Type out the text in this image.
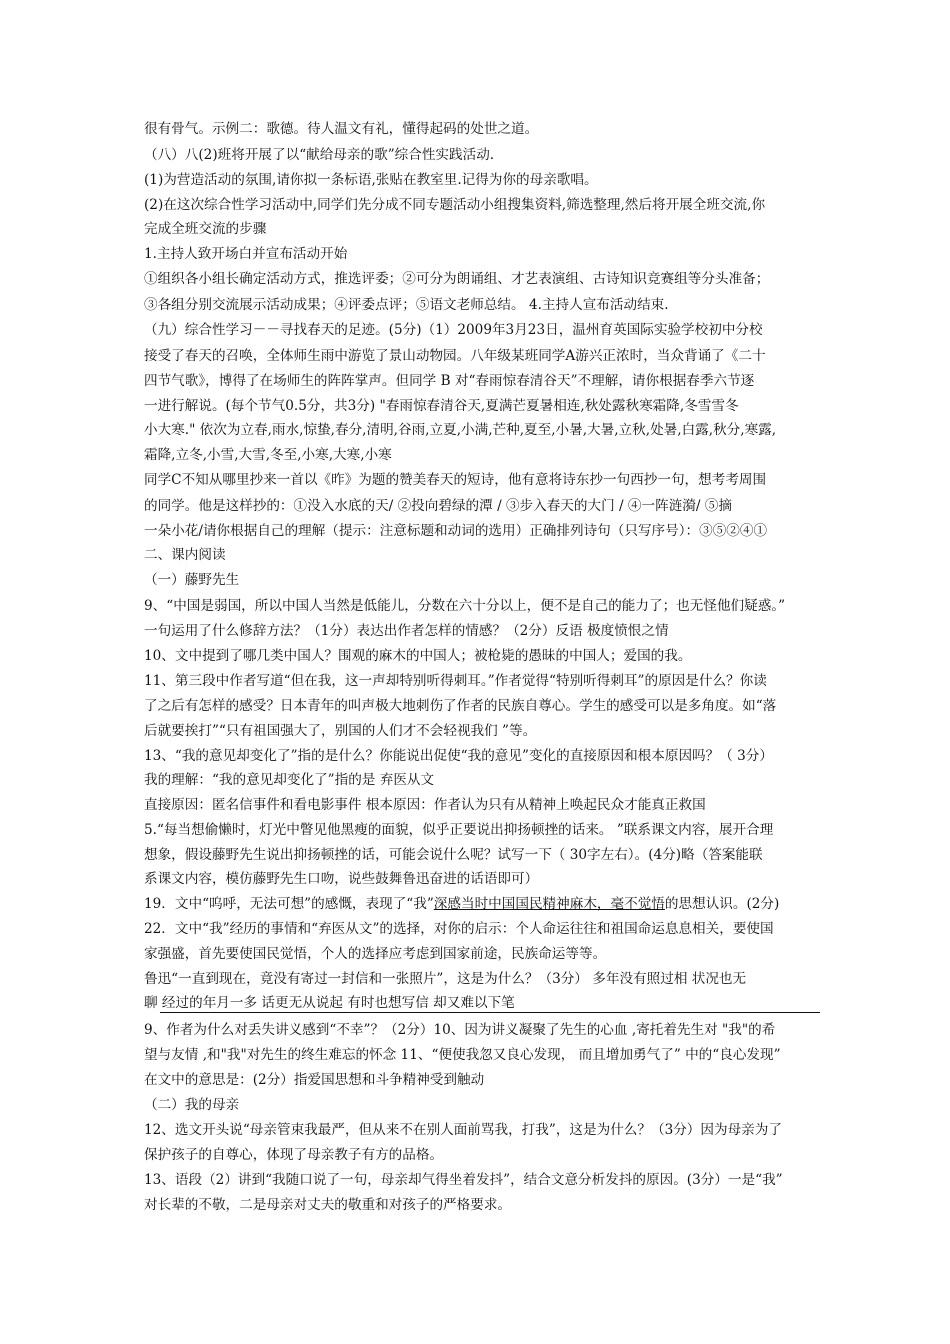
很有骨气。示例二：歌德。待人温文有礼，懂得起码的处世之道。
（八）八(2)班将开展了以“献给母亲的歌”综合性实践活动.
(1)为营造活动的氛围,请你拟一条标语,张贴在教室里.记得为你的母亲歌唱。
(2)在这次综合性学习活动中,同学们先分成不同专题活动小组搜集资料,筛选整理,然后将开展全班交流,你
完成全班交流的步骤
1.主持人致开场白并宣布活动开始
①组织各小组长确定活动方式，推选评委；②可分为朗诵组、才艺表演组、古诗知识竞赛组等分头准备；
③各组分别交流展示活动成果；④评委点评；⑤语文老师总结。 4.主持人宣布活动结束.
（九）综合性学习－－寻找春天的足迹。(5分)（1）2009年3月23日，温州育英国际实验学校初中分校
接受了春天的召唤，全体师生雨中游览了景山动物园。八年级某班同学A游兴正浓时，当众背诵了《二十
四节气歌》，博得了在场师生的阵阵掌声。但同学 B 对“春雨惊春清谷天”不理解，请你根据春季六节逐
一进行解说。(每个节气0.5分，共3分) "春雨惊春清谷天,夏满芒夏暑相连,秋处露秋寒霜降,冬雪雪冬
小大寒." 依次为立春,雨水,惊蛰,春分,清明,谷雨,立夏,小满,芒种,夏至,小暑,大暑,立秋,处暑,白露,秋分,寒露,
霜降,立冬,小雪,大雪,冬至,小寒,大寒,小寒
同学C不知从哪里抄来一首以《昨》为题的赞美春天的短诗，他有意将诗东抄一句西抄一句，想考考周围
的同学。他是这样抄的：①没入水底的天/ ②投向碧绿的潭 / ③步入春天的大门 / ④一阵涟漪/ ⑤摘
一朵小花/请你根据自己的理解（提示：注意标题和动词的选用）正确排列诗句（只写序号）：③⑤②④①
二、课内阅读
（一）藤野先生
9、“中国是弱国，所以中国人当然是低能儿，分数在六十分以上，便不是自己的能力了；也无怪他们疑惑。”
一句运用了什么修辞方法？（1分）表达出作者怎样的情感？（2分）反语 极度愤恨之情
10、文中提到了哪几类中国人？围观的麻木的中国人；被枪毙的愚昧的中国人；爱国的我。
11、第三段中作者写道“但在我，这一声却特别听得刺耳。”作者觉得“特别听得刺耳”的原因是什么？你读
了之后有怎样的感受？日本青年的叫声极大地刺伤了作者的民族自尊心。学生的感受可以是多角度。如“落
后就要挨打”“只有祖国强大了，别国的人们才不会轻视我们 ”等。
13、“我的意见却变化了”指的是什么？你能说出促使“我的意见”变化的直接原因和根本原因吗？（ 3分）
我的理解：“我的意见却变化了”指的是 弃医从文
直接原因：匿名信事件和看电影事件 根本原因：作者认为只有从精神上唤起民众才能真正救国
5.“每当想偷懒时，灯光中瞥见他黑瘦的面貌，似乎正要说出抑扬顿挫的话来。 ”联系课文内容，展开合理
想象，假设藤野先生说出抑扬顿挫的话，可能会说什么呢？试写一下（ 30字左右）。(4分)略（答案能联
系课文内容，模仿藤野先生口吻，说些鼓舞鲁迅奋进的话语即可）
19．文中“呜呼，无法可想”的感慨，表现了“我”深感当时中国国民精神麻木，毫不觉悟的思想认识。(2分)
22．文中“我”经历的事情和“弃医从文”的选择，对你的启示：个人命运往往和祖国命运息息相关，要使国
家强盛，首先要使国民觉悟，个人的选择应考虑到国家前途，民族命运等等。
鲁迅“一直到现在，竟没有寄过一封信和一张照片”，这是为什么？（3分） 多年没有照过相 状况也无
聊 经过的年月一多 话更无从说起 有时也想写信 却又难以下笔
9、作者为什么对丢失讲义感到“不幸”？（2分）10、因为讲义凝聚了先生的心血 ,寄托着先生对 "我"的希
望与友情 ,和"我"对先生的终生难忘的怀念 11、“便使我忽又良心发现， 而且增加勇气了” 中的“良心发现”
在文中的意思是：(2分）指爱国思想和斗争精神受到触动
（二）我的母亲
12、选文开头说“母亲管束我最严，但从来不在别人面前骂我，打我”，这是为什么？（3分）因为母亲为了
保护孩子的自尊心，体现了母亲教子有方的品格。
13、语段（2）讲到“我随口说了一句，母亲却气得坐着发抖”，结合文意分析发抖的原因。(3分）一是“我”
对长辈的不敬，二是母亲对丈夫的敬重和对孩子的严格要求。
